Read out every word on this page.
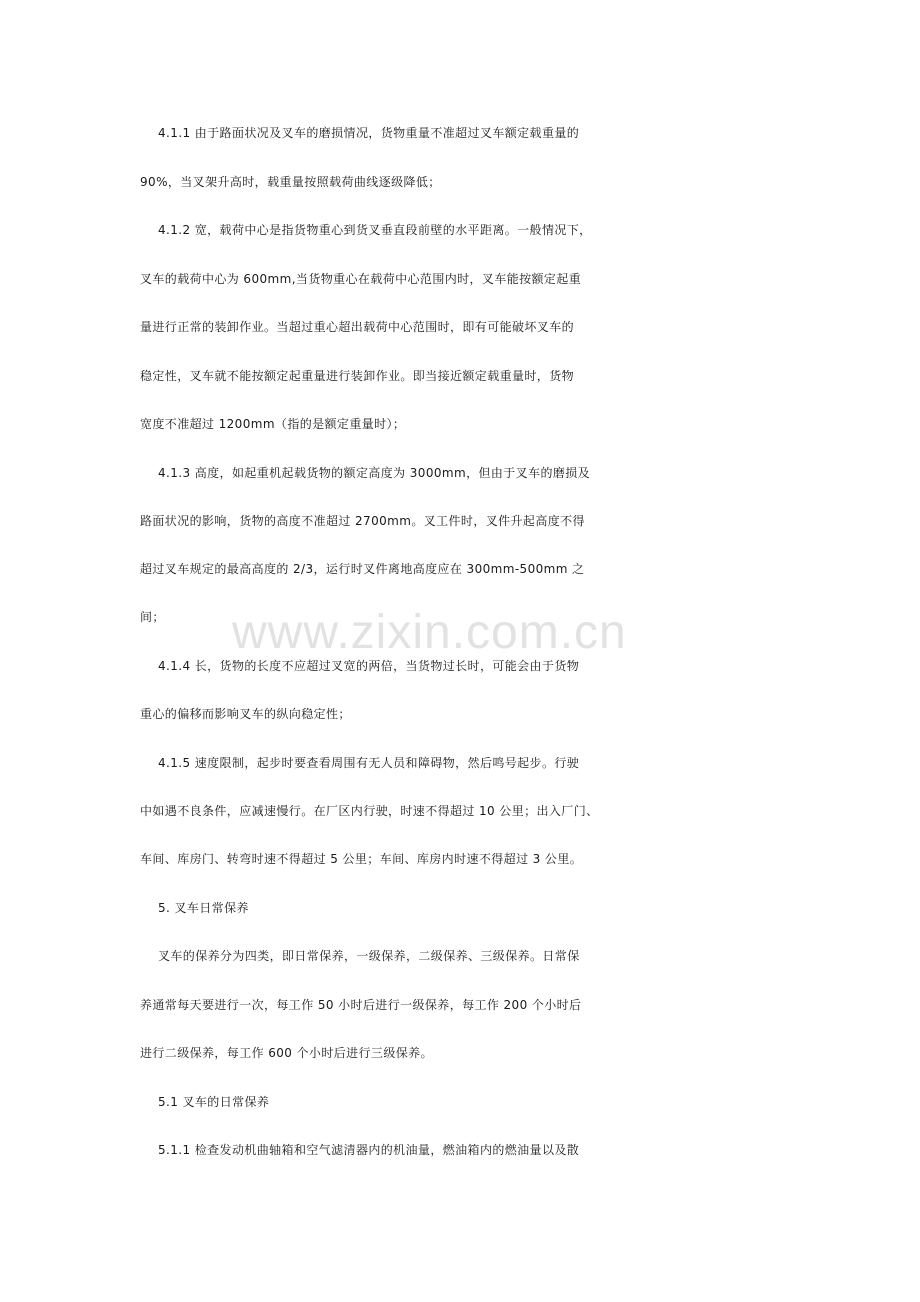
4.1.1 由于路面状况及叉车的磨损情况，货物重量不准超过叉车额定载重量的
90%，当叉架升高时，载重量按照载荷曲线逐级降低；
4.1.2 宽，载荷中心是指货物重心到货叉垂直段前壁的水平距离。一般情况下，
叉车的载荷中心为 600mm,当货物重心在载荷中心范围内时，叉车能按额定起重
量进行正常的装卸作业。当超过重心超出载荷中心范围时，即有可能破坏叉车的
稳定性，叉车就不能按额定起重量进行装卸作业。即当接近额定载重量时，货物
宽度不准超过 1200mm（指的是额定重量时）；
4.1.3 高度，如起重机起载货物的额定高度为 3000mm，但由于叉车的磨损及
路面状况的影响，货物的高度不准超过 2700mm。叉工件时，叉件升起高度不得
超过叉车规定的最高高度的 2/3，运行时叉件离地高度应在 300mm-500mm 之
间；
4.1.4 长，货物的长度不应超过叉宽的两倍，当货物过长时，可能会由于货物
重心的偏移而影响叉车的纵向稳定性；
4.1.5 速度限制，起步时要查看周围有无人员和障碍物，然后鸣号起步。行驶
中如遇不良条件，应减速慢行。在厂区内行驶，时速不得超过 10 公里；出入厂门、
车间、库房门、转弯时速不得超过 5 公里；车间、库房内时速不得超过 3 公里。
5. 叉车日常保养
叉车的保养分为四类，即日常保养，一级保养，二级保养、三级保养。日常保
养通常每天要进行一次，每工作 50 小时后进行一级保养，每工作 200 个小时后
进行二级保养，每工作 600 个小时后进行三级保养。
5.1 叉车的日常保养
5.1.1 检查发动机曲轴箱和空气滤清器内的机油量，燃油箱内的燃油量以及散
www.zixin.com.cn
